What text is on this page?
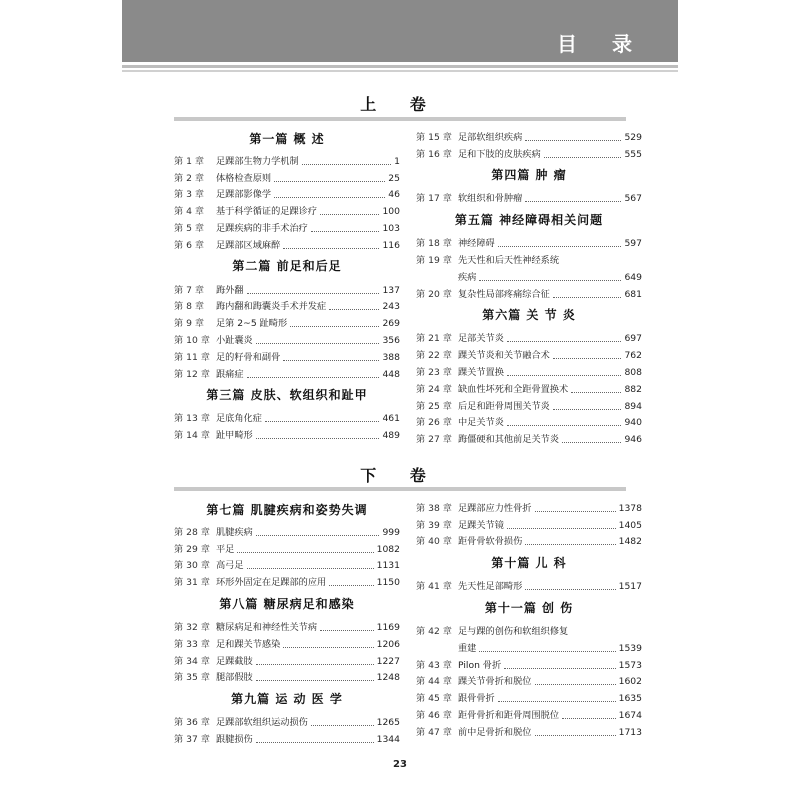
目 录
上 卷
第一篇 概 述
第 1 章	足踝部生物力学机制	1
第 2 章	体格检查原则	25
第 3 章	足踝部影像学	46
第 4 章	基于科学循证的足踝诊疗	100
第 5 章	足踝疾病的非手术治疗	103
第 6 章	足踝部区域麻醉	116
第二篇 前足和后足
第 7 章	踇外翻	137
第 8 章	踇内翻和踇囊炎手术并发症	243
第 9 章	足第 2~5 趾畸形	269
第 10 章 小趾囊炎	356
第 11 章 足的籽骨和副骨	388
第 12 章 跟痛症	448
第三篇 皮肤、软组织和趾甲
第 13 章 足底角化症	461
第 14 章 趾甲畸形	489
第 15 章 足部软组织疾病	529
第 16 章 足和下肢的皮肤疾病	555
第四篇 肿 瘤
第 17 章 软组织和骨肿瘤	567
第五篇 神经障碍相关问题
第 18 章 神经障碍	597
第 19 章 先天性和后天性神经系统
疾病	649
第 20 章 复杂性局部疼痛综合征	681
第六篇 关 节 炎
第 21 章 足部关节炎	697
第 22 章 踝关节炎和关节融合术	762
第 23 章 踝关节置换	808
第 24 章 缺血性坏死和全距骨置换术	882
第 25 章 后足和距骨周围关节炎	894
第 26 章 中足关节炎	940
第 27 章 踇僵硬和其他前足关节炎	946
下 卷
第七篇 肌腱疾病和姿势失调
第 28 章 肌腱疾病	999
第 29 章 平足	1082
第 30 章 高弓足	1131
第 31 章 环形外固定在足踝部的应用	1150
第八篇 糖尿病足和感染
第 32 章 糖尿病足和神经性关节病	1169
第 33 章 足和踝关节感染	1206
第 34 章 足踝截肢	1227
第 35 章 腿部假肢	1248
第九篇 运 动 医 学
第 36 章 足踝部软组织运动损伤	1265
第 37 章 跟腱损伤	1344
第 38 章 足踝部应力性骨折	1378
第 39 章 足踝关节镜	1405
第 40 章 距骨骨软骨损伤	1482
第十篇 儿 科
第 41 章 先天性足部畸形	1517
第十一篇 创 伤
第 42 章 足与踝的创伤和软组织修复
重建	1539
第 43 章 Pilon 骨折	1573
第 44 章 踝关节骨折和脱位	1602
第 45 章 跟骨骨折	1635
第 46 章 距骨骨折和距骨周围脱位	1674
第 47 章 前中足骨折和脱位	1713
23
